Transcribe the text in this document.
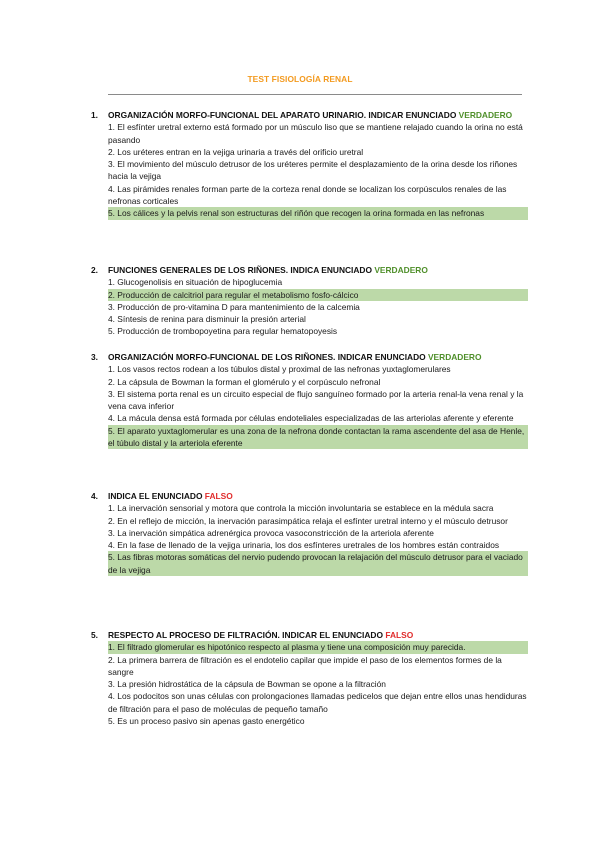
TEST FISIOLOGÍA RENAL
1. ORGANIZACIÓN MORFO-FUNCIONAL DEL APARATO URINARIO. INDICAR ENUNCIADO VERDADERO
1. El esfínter uretral externo está formado por un músculo liso que se mantiene relajado cuando la orina no está pasando
2. Los uréteres entran en la vejiga urinaria a través del orificio uretral
3. El movimiento del músculo detrusor de los uréteres permite el desplazamiento de la orina desde los riñones hacia la vejiga
4. Las pirámides renales forman parte de la corteza renal donde se localizan los corpúsculos renales de las nefronas corticales
5. Los cálices y la pelvis renal son estructuras del riñón que recogen la orina formada en las nefronas
2. FUNCIONES GENERALES DE LOS RIÑONES. INDICA ENUNCIADO VERDADERO
1. Glucogenolisis en situación de hipoglucemia
2. Producción de calcitriol para regular el metabolismo fosfo-cálcico
3. Producción de pro-vitamina D para mantenimiento de la calcemia
4. Síntesis de renina para disminuir la presión arterial
5. Producción de trombopoyetina para regular hematopoyesis
3. ORGANIZACIÓN MORFO-FUNCIONAL DE LOS RIÑONES. INDICAR ENUNCIADO VERDADERO
1. Los vasos rectos rodean a los túbulos distal y proximal de las nefronas yuxtaglomerulares
2. La cápsula de Bowman la forman el glomérulo y el corpúsculo nefronal
3. El sistema porta renal es un circuito especial de flujo sanguíneo formado por la arteria renal-la vena renal y la vena cava inferior
4. La mácula densa está formada por células endoteliales especializadas de las arteriolas aferente y eferente
5. El aparato yuxtaglomerular es una zona de la nefrona donde contactan la rama ascendente del asa de Henle, el túbulo distal y la arteriola eferente
4. INDICA EL ENUNCIADO FALSO
1. La inervación sensorial y motora que controla la micción involuntaria se establece en la médula sacra
2. En el reflejo de micción, la inervación parasimpática relaja el esfínter uretral interno y el músculo detrusor
3. La inervación simpática adrenérgica provoca vasoconstricción de la arteriola aferente
4. En la fase de llenado de la vejiga urinaria, los dos esfínteres uretrales de los hombres están contraidos
5. Las fibras motoras somáticas del nervio pudendo provocan la relajación del músculo detrusor para el vaciado de la vejiga
5. RESPECTO AL PROCESO DE FILTRACIÓN. INDICAR EL ENUNCIADO FALSO
1. El filtrado glomerular es hipotónico respecto al plasma y tiene una composición muy parecida.
2. La primera barrera de filtración es el endotelio capilar que impide el paso de los elementos formes de la sangre
3. La presión hidrostática de la cápsula de Bowman se opone a la filtración
4. Los podocitos son unas células con prolongaciones llamadas pedicelos que dejan entre ellos unas hendiduras de filtración para el paso de moléculas de pequeño tamaño
5. Es un proceso pasivo sin apenas gasto energético
